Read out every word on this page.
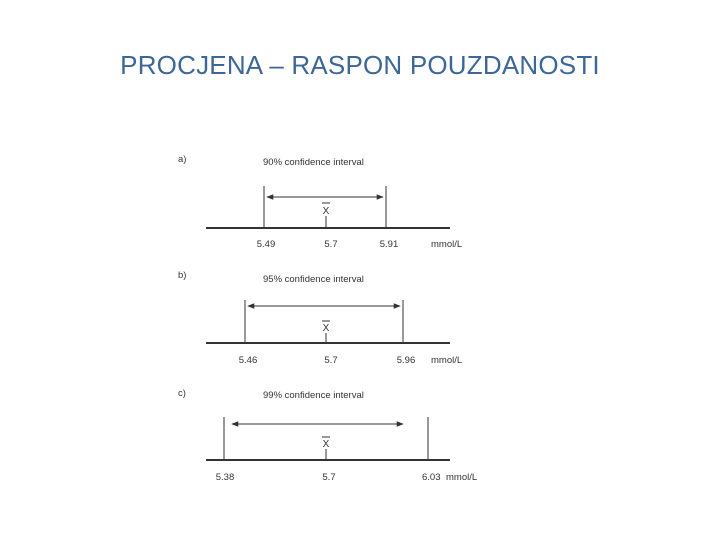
PROCJENA – RASPON POUZDANOSTI
a)	90% confidence interval
X
5.49	5.7	5.91	mmol/L
b)	95% confidence interval
X
5.46	5.7	5.96 mmol/L
c)	99% confidence interval
X
5.38	5.7	6.03 mmol/L
